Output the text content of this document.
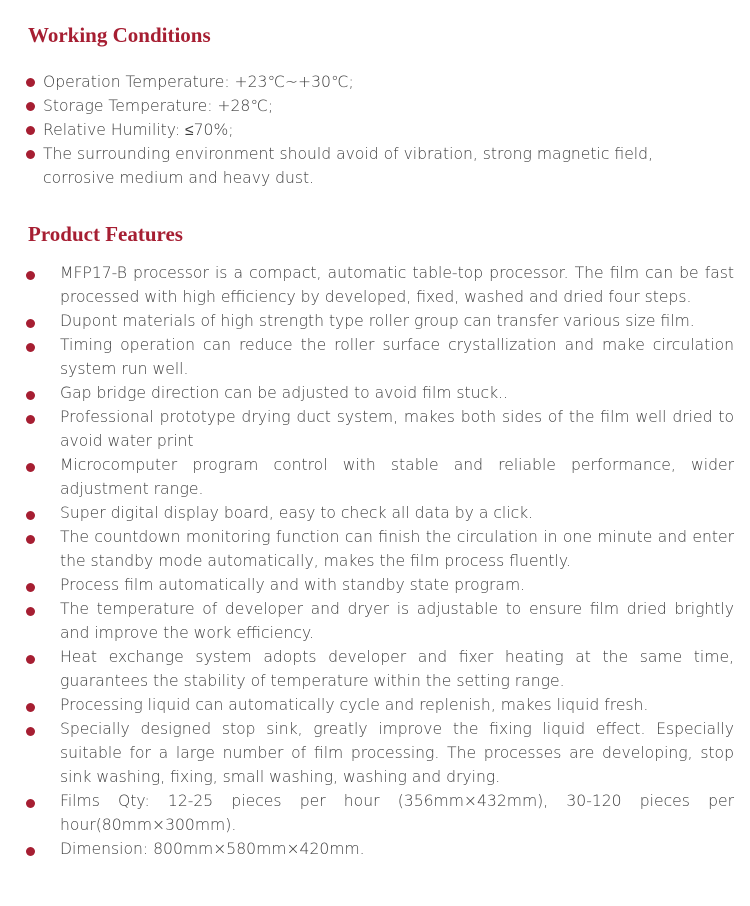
Working Conditions
Operation Temperature: +23℃~+30℃;
Storage Temperature: +28℃;
Relative Humility: ≤70%;
The surrounding environment should avoid of vibration, strong magnetic field, corrosive medium and heavy dust.
Product Features
MFP17-B processor is a compact, automatic table-top processor. The film can be fast processed with high efficiency by developed, fixed, washed and dried four steps.
Dupont materials of high strength type roller group can transfer various size film.
Timing operation can reduce the roller surface crystallization and make circulation system run well.
Gap bridge direction can be adjusted to avoid film stuck..
Professional prototype drying duct system, makes both sides of the film well dried to avoid water print
Microcomputer program control with stable and reliable performance, wider adjustment range.
Super digital display board, easy to check all data by a click.
The countdown monitoring function can finish the circulation in one minute and enter the standby mode automatically, makes the film process fluently.
Process film automatically and with standby state program.
The temperature of developer and dryer is adjustable to ensure film dried brightly and improve the work efficiency.
Heat exchange system adopts developer and fixer heating at the same time, guarantees the stability of temperature within the setting range.
Processing liquid can automatically cycle and replenish, makes liquid fresh.
Specially designed stop sink, greatly improve the fixing liquid effect. Especially suitable for a large number of film processing. The processes are developing, stop sink washing, fixing, small washing, washing and drying.
Films Qty: 12-25 pieces per hour (356mm×432mm), 30-120 pieces per hour(80mm×300mm).
Dimension: 800mm×580mm×420mm.
